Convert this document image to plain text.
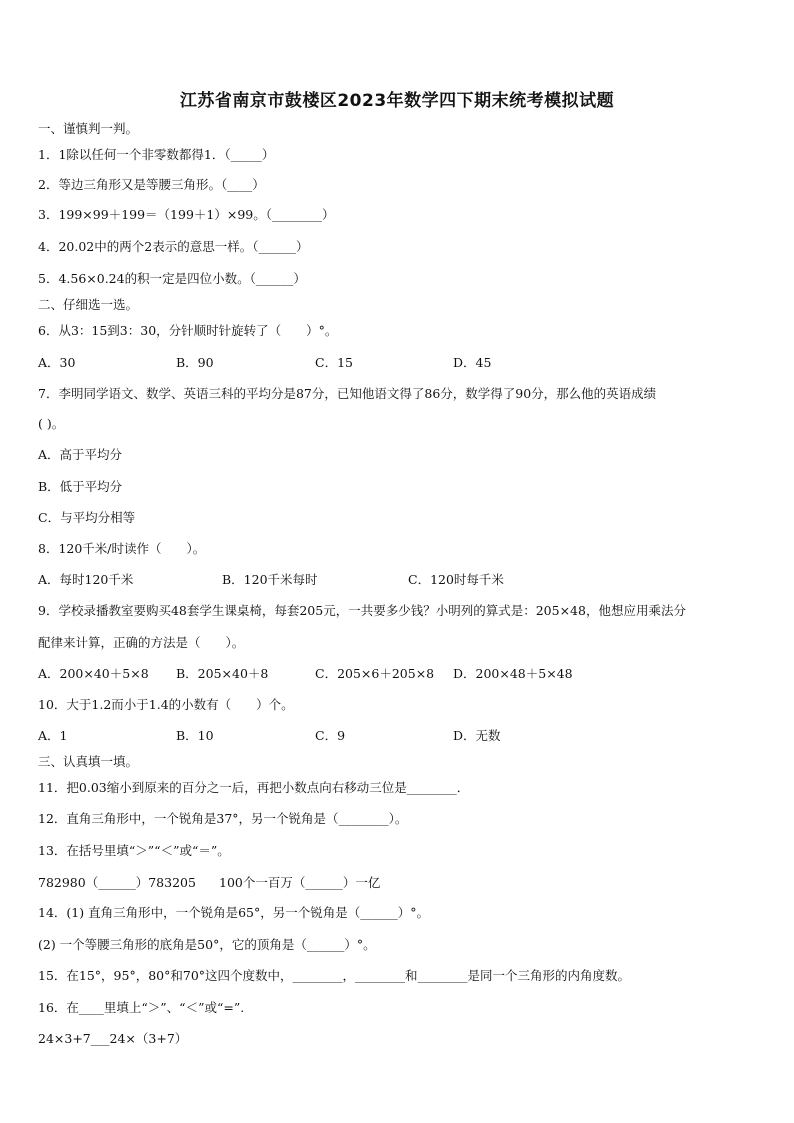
江苏省南京市鼓楼区2023年数学四下期末统考模拟试题
一、谨慎判一判。
1．1除以任何一个非零数都得1．（_____）
2．等边三角形又是等腰三角形。（____）
3．199×99＋199＝（199＋1）×99。（________）
4．20.02中的两个2表示的意思一样。（______）
5．4.56×0.24的积一定是四位小数。（______）
二、仔细选一选。
6．从3：15到3：30，分针顺时针旋转了（　　）°。
A．30	B．90	C．15	D．45
7．李明同学语文、数学、英语三科的平均分是87分，已知他语文得了86分，数学得了90分，那么他的英语成绩
( )。
A．高于平均分
B．低于平均分
C．与平均分相等
8．120千米/时读作（　　）。
A．每时120千米	B．120千米每时	C．120时每千米
9．学校录播教室要购买48套学生课桌椅，每套205元，一共要多少钱？小明列的算式是：205×48，他想应用乘法分
配律来计算，正确的方法是（　　）。
A．200×40＋5×8 B．205×40＋8	C．205×6＋205×8 D．200×48＋5×48
10．大于1.2而小于1.4的小数有（　　）个。
A．1	B．10	C．9	D．无数
三、认真填一填。
11．把0.03缩小到原来的百分之一后，再把小数点向右移动三位是________．
12．直角三角形中，一个锐角是37°，另一个锐角是（________）。
13．在括号里填“＞”“＜”或“＝”。
782980（______）783205 100个一百万（______）一亿
14．(1) 直角三角形中，一个锐角是65°，另一个锐角是（______）°。
(2) 一个等腰三角形的底角是50°，它的顶角是（______）°。
15．在15°，95°，80°和70°这四个度数中，________，________和________是同一个三角形的内角度数。
16．在____里填上“＞”、“＜”或“=”.
24×3+7___24×（3+7）
